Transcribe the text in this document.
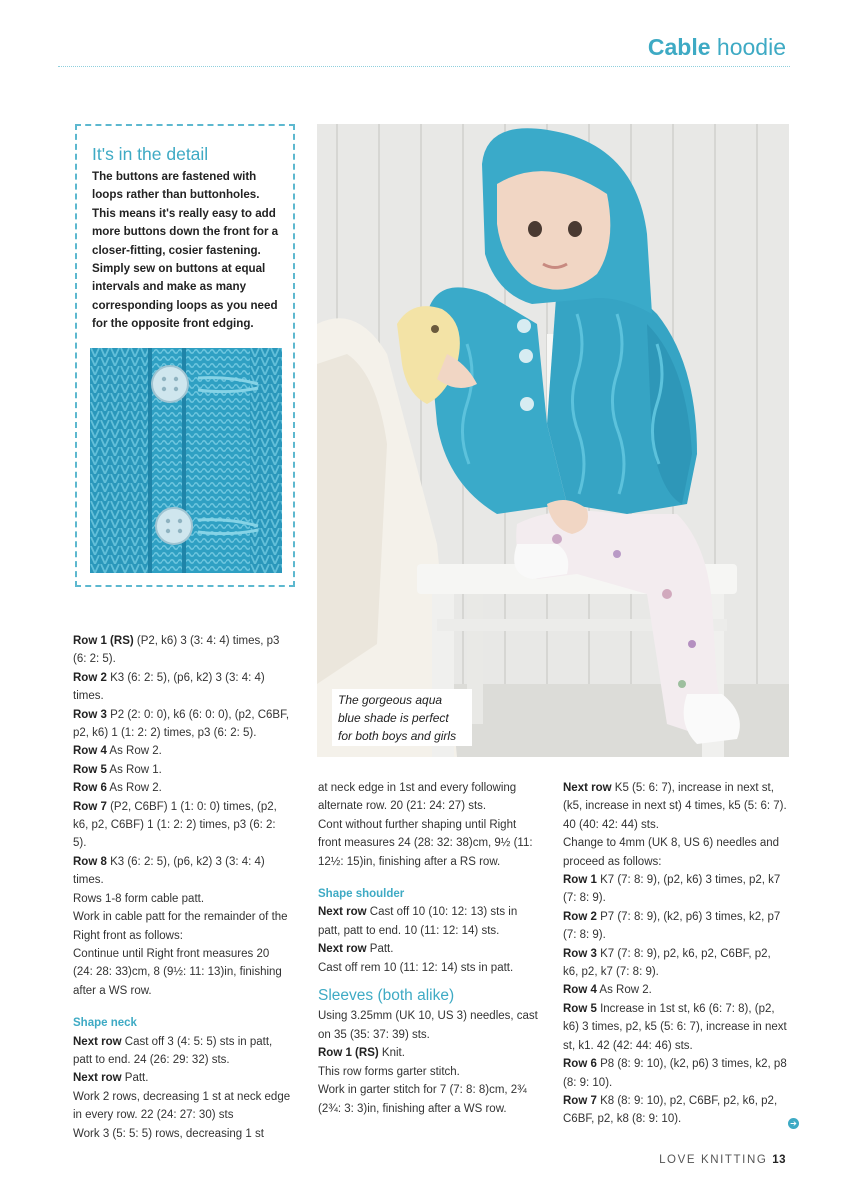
Cable hoodie
It's in the detail
The buttons are fastened with loops rather than buttonholes. This means it's really easy to add more buttons down the front for a closer-fitting, cosier fastening. Simply sew on buttons at equal intervals and make as many corresponding loops as you need for the opposite front edging.
The gorgeous aqua blue shade is perfect for both boys and girls

Row 1 (RS) (P2, k6) 3 (3: 4: 4) times, p3 (6: 2: 5).

Row 2 K3 (6: 2: 5), (p6, k2) 3 (3: 4: 4) times.

Row 3 P2 (2: 0: 0), k6 (6: 0: 0), (p2, C6BF, p2, k6) 1 (1: 2: 2) times, p3 (6: 2: 5).

Row 4 As Row 2.

Row 5 As Row 1.

Row 6 As Row 2.

Row 7 (P2, C6BF) 1 (1: 0: 0) times, (p2, k6, p2, C6BF) 1 (1: 2: 2) times, p3 (6: 2: 5).

Row 8 K3 (6: 2: 5), (p6, k2) 3 (3: 4: 4) times.

Rows 1-8 form cable patt.

Work in cable patt for the remainder of the Right front as follows:

Continue until Right front measures 20 (24: 28: 33)cm, 8 (9½: 11: 13)in, finishing after a WS row.

Shape neck

Next row Cast off 3 (4: 5: 5) sts in patt, patt to end. 24 (26: 29: 32) sts.

Next row Patt.

Work 2 rows, decreasing 1 st at neck edge in every row. 22 (24: 27: 30) sts

Work 3 (5: 5: 5) rows, decreasing 1 st

at neck edge in 1st and every following alternate row. 20 (21: 24: 27) sts.

Cont without further shaping until Right front measures 24 (28: 32: 38)cm, 9½ (11: 12½: 15)in, finishing after a RS row.

Shape shoulder

Next row Cast off 10 (10: 12: 13) sts in patt, patt to end. 10 (11: 12: 14) sts.

Next row Patt.

Cast off rem 10 (11: 12: 14) sts in patt.

Sleeves (both alike)

Using 3.25mm (UK 10, US 3) needles, cast on 35 (35: 37: 39) sts.

Row 1 (RS) Knit.

This row forms garter stitch.

Work in garter stitch for 7 (7: 8: 8)cm, 2¾ (2¾: 3: 3)in, finishing after a WS row.

Next row K5 (5: 6: 7), increase in next st, (k5, increase in next st) 4 times, k5 (5: 6: 7). 40 (40: 42: 44) sts.

Change to 4mm (UK 8, US 6) needles and proceed as follows:

Row 1 K7 (7: 8: 9), (p2, k6) 3 times, p2, k7 (7: 8: 9).

Row 2 P7 (7: 8: 9), (k2, p6) 3 times, k2, p7 (7: 8: 9).

Row 3 K7 (7: 8: 9), p2, k6, p2, C6BF, p2, k6, p2, k7 (7: 8: 9).

Row 4 As Row 2.

Row 5 Increase in 1st st, k6 (6: 7: 8), (p2, k6) 3 times, p2, k5 (5: 6: 7), increase in next st, k1. 42 (42: 44: 46) sts.

Row 6 P8 (8: 9: 10), (k2, p6) 3 times, k2, p8 (8: 9: 10).

Row 7 K8 (8: 9: 10), p2, C6BF, p2, k6, p2, C6BF, p2, k8 (8: 9: 10).	➔
LOVE KNITTING 13
